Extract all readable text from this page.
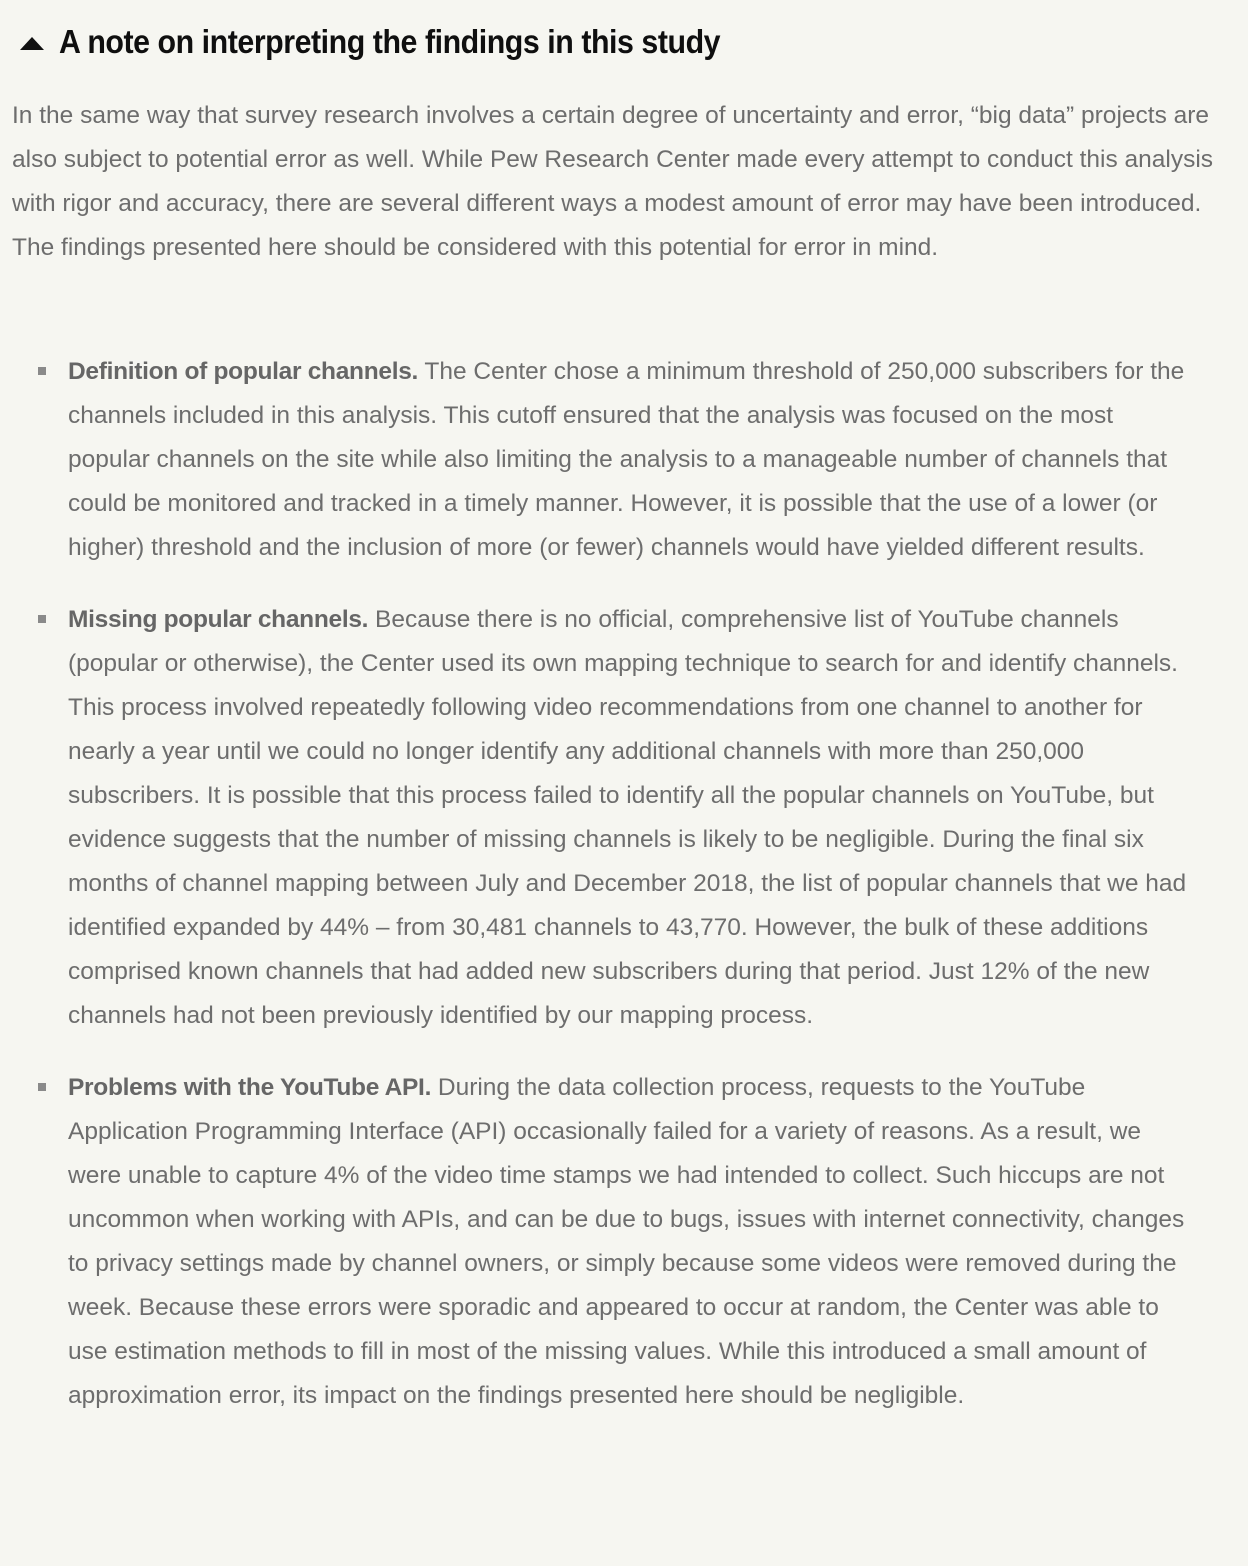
A note on interpreting the findings in this study

In the same way that survey research involves a certain degree of uncertainty and error, “big data” projects are also subject to potential error as well. While Pew Research Center made every attempt to conduct this analysis with rigor and accuracy, there are several different ways a modest amount of error may have been introduced. The findings presented here should be considered with this potential for error in mind.

Definition of popular channels. The Center chose a minimum threshold of 250,000 subscribers for the channels included in this analysis. This cutoff ensured that the analysis was focused on the most popular channels on the site while also limiting the analysis to a manageable number of channels that could be monitored and tracked in a timely manner. However, it is possible that the use of a lower (or higher) threshold and the inclusion of more (or fewer) channels would have yielded different results.
Missing popular channels. Because there is no official, comprehensive list of YouTube channels (popular or otherwise), the Center used its own mapping technique to search for and identify channels. This process involved repeatedly following video recommendations from one channel to another for nearly a year until we could no longer identify any additional channels with more than 250,000 subscribers. It is possible that this process failed to identify all the popular channels on YouTube, but evidence suggests that the number of missing channels is likely to be negligible. During the final six months of channel mapping between July and December 2018, the list of popular channels that we had identified expanded by 44% – from 30,481 channels to 43,770. However, the bulk of these additions comprised known channels that had added new subscribers during that period. Just 12% of the new channels had not been previously identified by our mapping process.
Problems with the YouTube API. During the data collection process, requests to the YouTube Application Programming Interface (API) occasionally failed for a variety of reasons. As a result, we were unable to capture 4% of the video time stamps we had intended to collect. Such hiccups are not uncommon when working with APIs, and can be due to bugs, issues with internet connectivity, changes to privacy settings made by channel owners, or simply because some videos were removed during the week. Because these errors were sporadic and appeared to occur at random, the Center was able to use estimation methods to fill in most of the missing values. While this introduced a small amount of approximation error, its impact on the findings presented here should be negligible.
